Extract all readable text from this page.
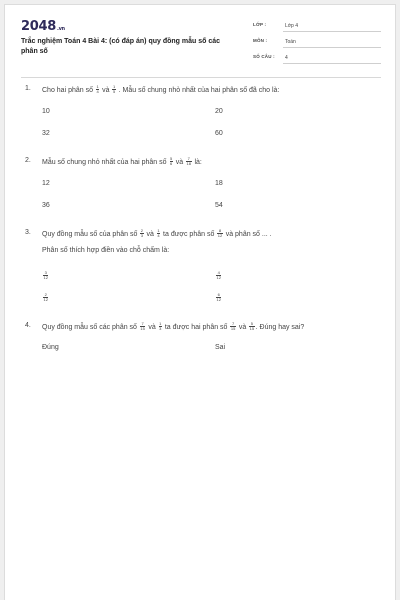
2048.vn
Trắc nghiệm Toán 4 Bài 4: (có đáp án) quy đồng mẫu số các phân số
LỚP :	Lớp 4
MÔN :	Toán
SỐ CÂU :	4
1. Cho hai phân số $\frac{1}{4}$ và $\frac{1}{5}$ . Mẫu số chung nhỏ nhất của hai phân số đã cho là:
10	20
32	60
2. Mẫu số chung nhỏ nhất của hai phân số $\frac{5}{6}$ và $\frac{7}{18}$ là:
12	18
36	54
3. Quy đồng mẫu số của phân số $\frac{2}{3}$ và $\frac{1}{4}$ ta được phân số $\frac{8}{12}$ và phân số ... .
Phân số thích hợp điền vào chỗ chấm là:
$\frac{3}{12}$	$\frac{4}{12}$
$\frac{2}{12}$	$\frac{6}{12}$
4. Quy đồng mẫu số các phân số $\frac{7}{15}$ và $\frac{1}{3}$ ta được hai phân số $\frac{7}{15}$ và $\frac{5}{15}$ . Đúng hay sai?
Đúng	Sai
